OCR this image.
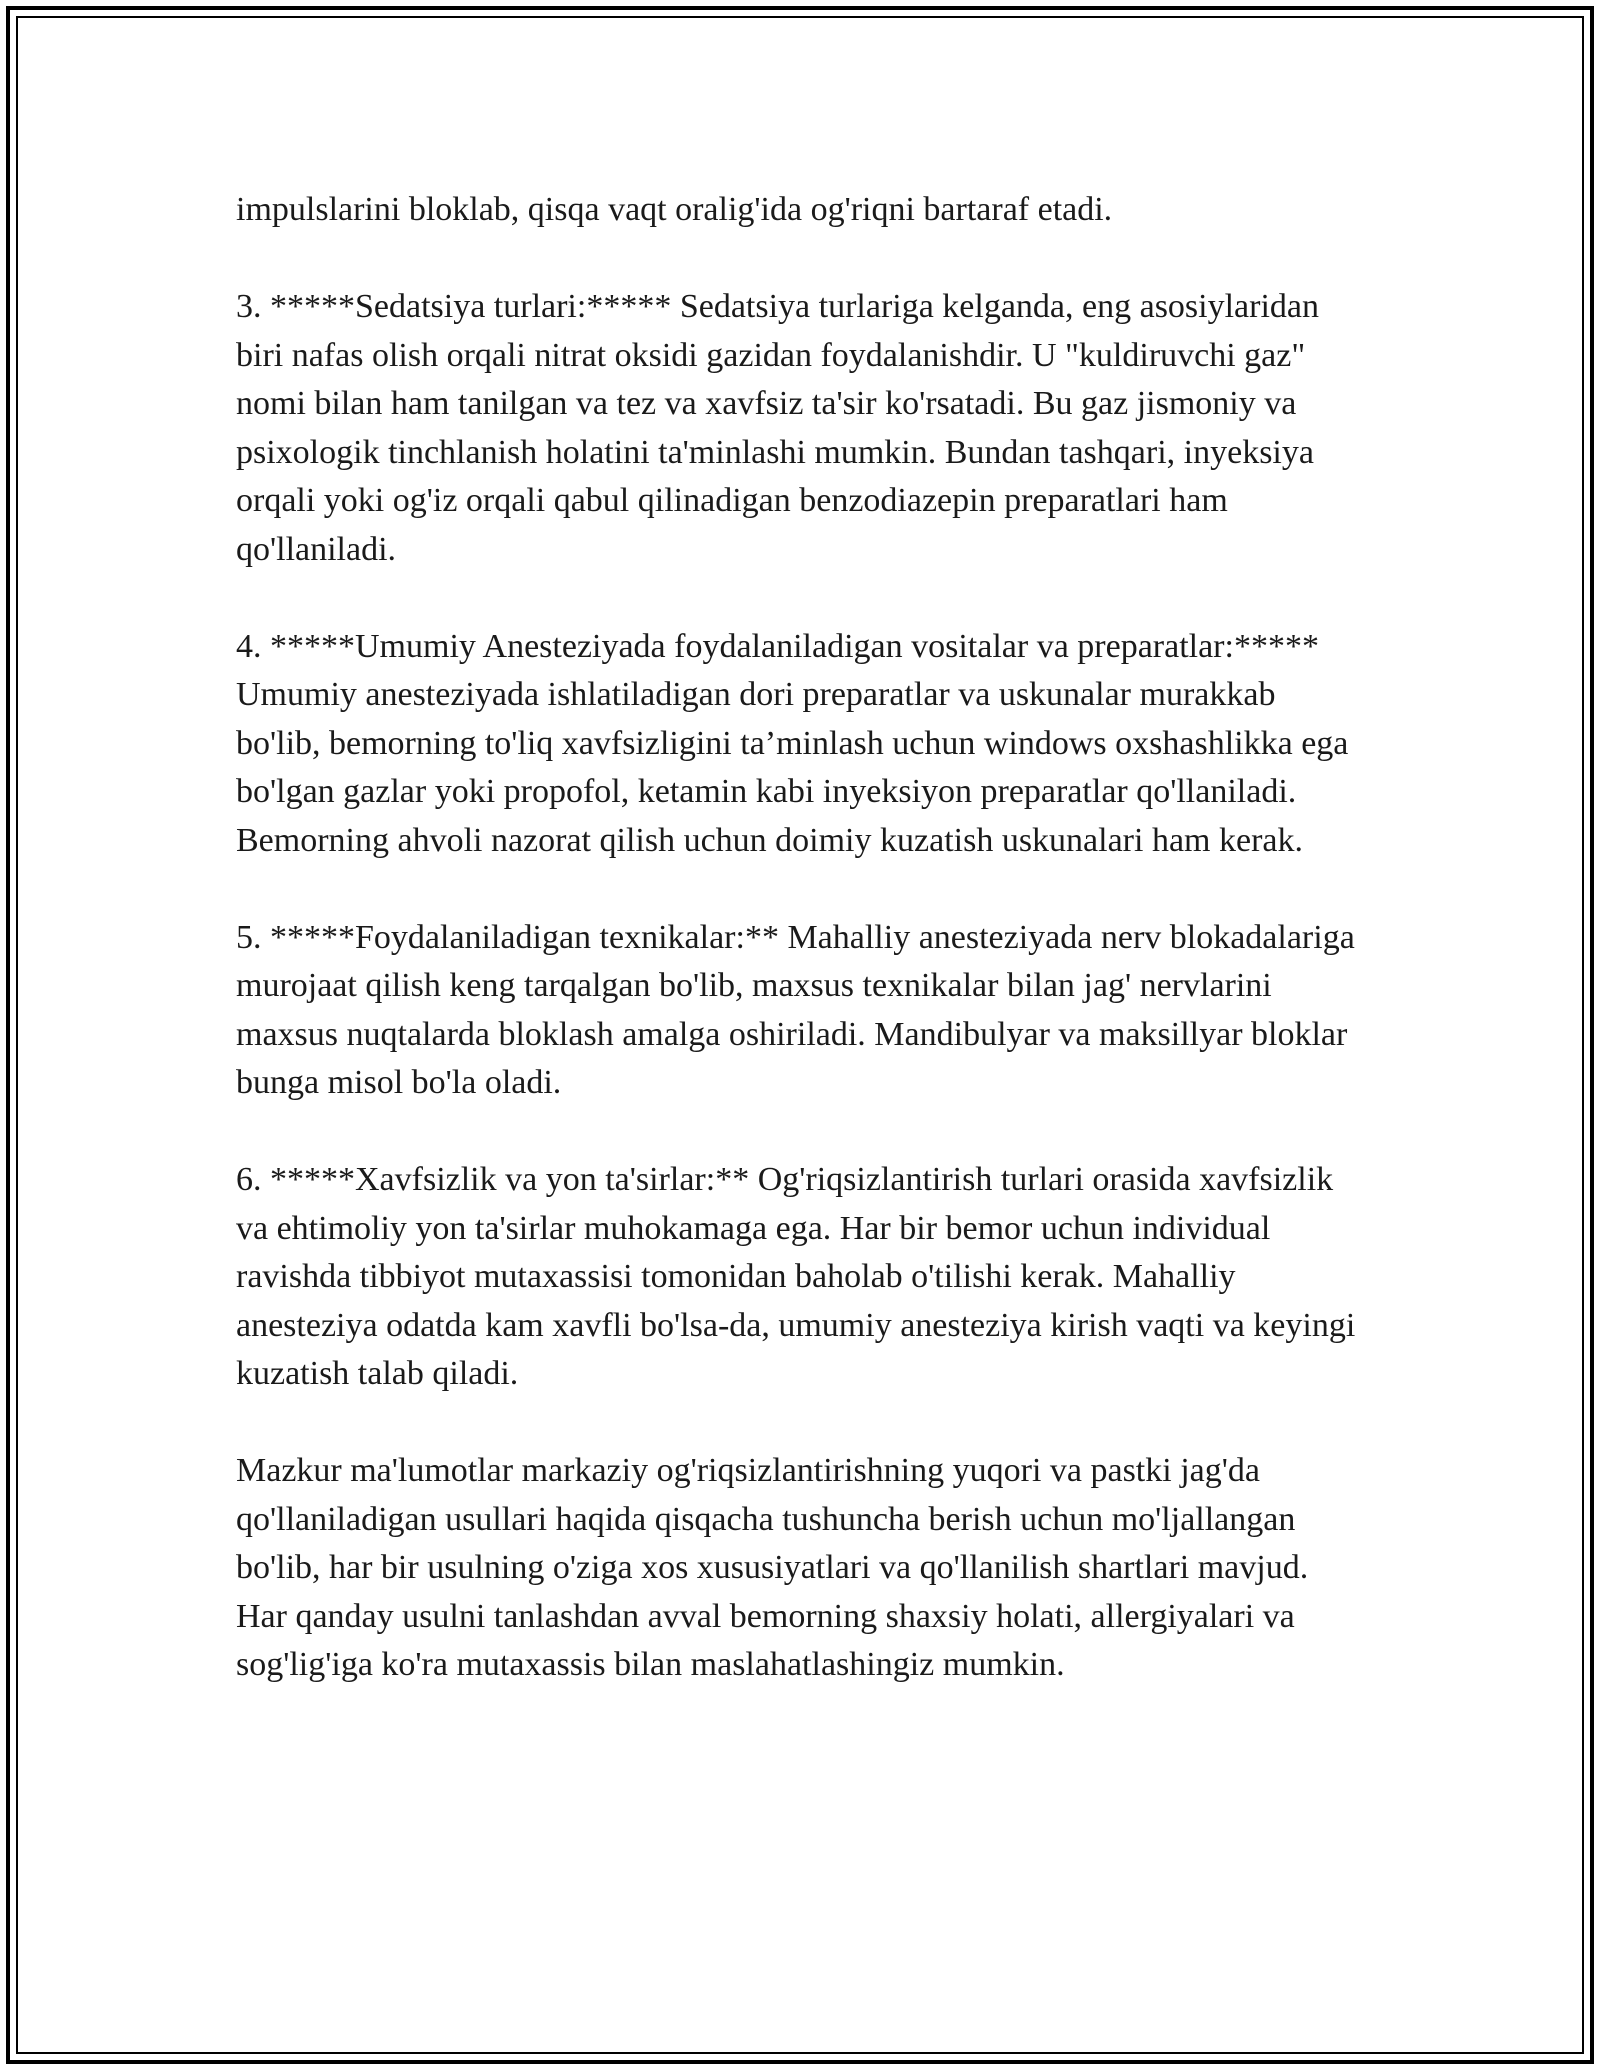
impulslarini bloklab, qisqa vaqt oralig'ida og'riqni bartaraf etadi.

3. *****Sedatsiya turlari:***** Sedatsiya turlariga kelganda, eng asosiylaridan biri nafas olish orqali nitrat oksidi gazidan foydalanishdir. U "kuldiruvchi gaz" nomi bilan ham tanilgan va tez va xavfsiz ta'sir ko'rsatadi. Bu gaz jismoniy va psixologik tinchlanish holatini ta'minlashi mumkin. Bundan tashqari, inyeksiya orqali yoki og'iz orqali qabul qilinadigan benzodiazepin preparatlari ham qo'llaniladi.

4. *****Umumiy Anesteziyada foydalaniladigan vositalar va preparatlar:***** Umumiy anesteziyada ishlatiladigan dori preparatlar va uskunalar murakkab bo'lib, bemorning to'liq xavfsizligini ta’minlash uchun windows oxshashlikka ega bo'lgan gazlar yoki propofol, ketamin kabi inyeksiyon preparatlar qo'llaniladi. Bemorning ahvoli nazorat qilish uchun doimiy kuzatish uskunalari ham kerak.

5. *****Foydalaniladigan texnikalar:** Mahalliy anesteziyada nerv blokadalariga murojaat qilish keng tarqalgan bo'lib, maxsus texnikalar bilan jag' nervlarini maxsus nuqtalarda bloklash amalga oshiriladi. Mandibulyar va maksillyar bloklar bunga misol bo'la oladi.

6. *****Xavfsizlik va yon ta'sirlar:** Og'riqsizlantirish turlari orasida xavfsizlik va ehtimoliy yon ta'sirlar muhokamaga ega. Har bir bemor uchun individual ravishda tibbiyot mutaxassisi tomonidan baholab o'tilishi kerak. Mahalliy anesteziya odatda kam xavfli bo'lsa-da, umumiy anesteziya kirish vaqti va keyingi kuzatish talab qiladi.

Mazkur ma'lumotlar markaziy og'riqsizlantirishning yuqori va pastki jag'da qo'llaniladigan usullari haqida qisqacha tushuncha berish uchun mo'ljallangan bo'lib, har bir usulning o'ziga xos xususiyatlari va qo'llanilish shartlari mavjud. Har qanday usulni tanlashdan avval bemorning shaxsiy holati, allergiyalari va sog'lig'iga ko'ra mutaxassis bilan maslahatlashingiz mumkin.
